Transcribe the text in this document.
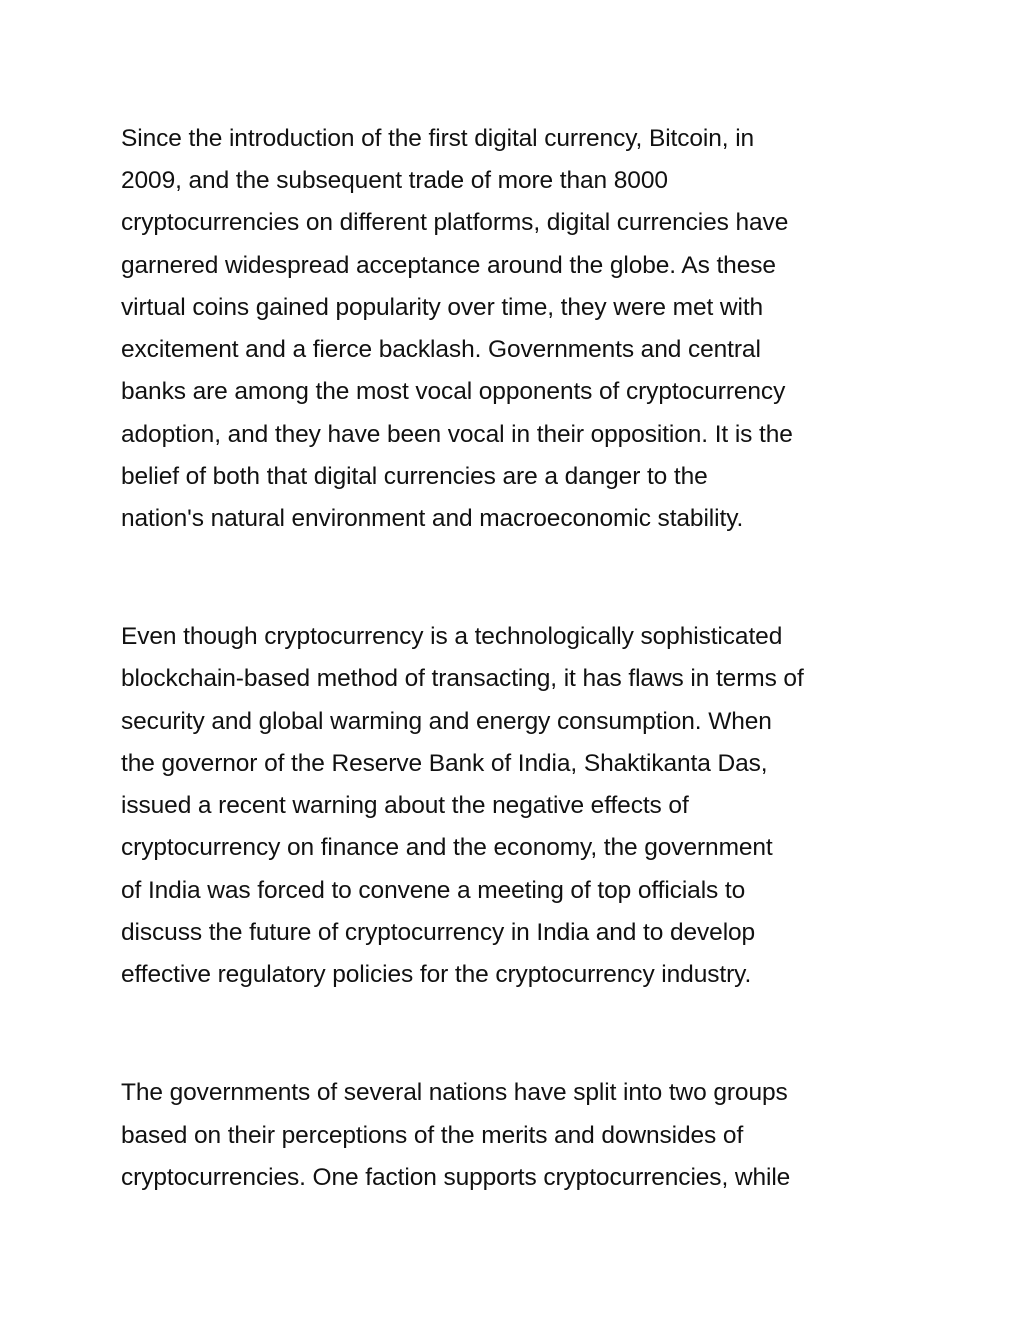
Since the introduction of the first digital currency, Bitcoin, in

2009, and the subsequent trade of more than 8000

cryptocurrencies on different platforms, digital currencies have

garnered widespread acceptance around the globe. As these

virtual coins gained popularity over time, they were met with

excitement and a fierce backlash. Governments and central

banks are among the most vocal opponents of cryptocurrency

adoption, and they have been vocal in their opposition. It is the

belief of both that digital currencies are a danger to the

nation's natural environment and macroeconomic stability.

Even though cryptocurrency is a technologically sophisticated

blockchain-based method of transacting, it has flaws in terms of

security and global warming and energy consumption. When

the governor of the Reserve Bank of India, Shaktikanta Das,

issued a recent warning about the negative effects of

cryptocurrency on finance and the economy, the government

of India was forced to convene a meeting of top officials to

discuss the future of cryptocurrency in India and to develop

effective regulatory policies for the cryptocurrency industry.

The governments of several nations have split into two groups

based on their perceptions of the merits and downsides of

cryptocurrencies. One faction supports cryptocurrencies, while
